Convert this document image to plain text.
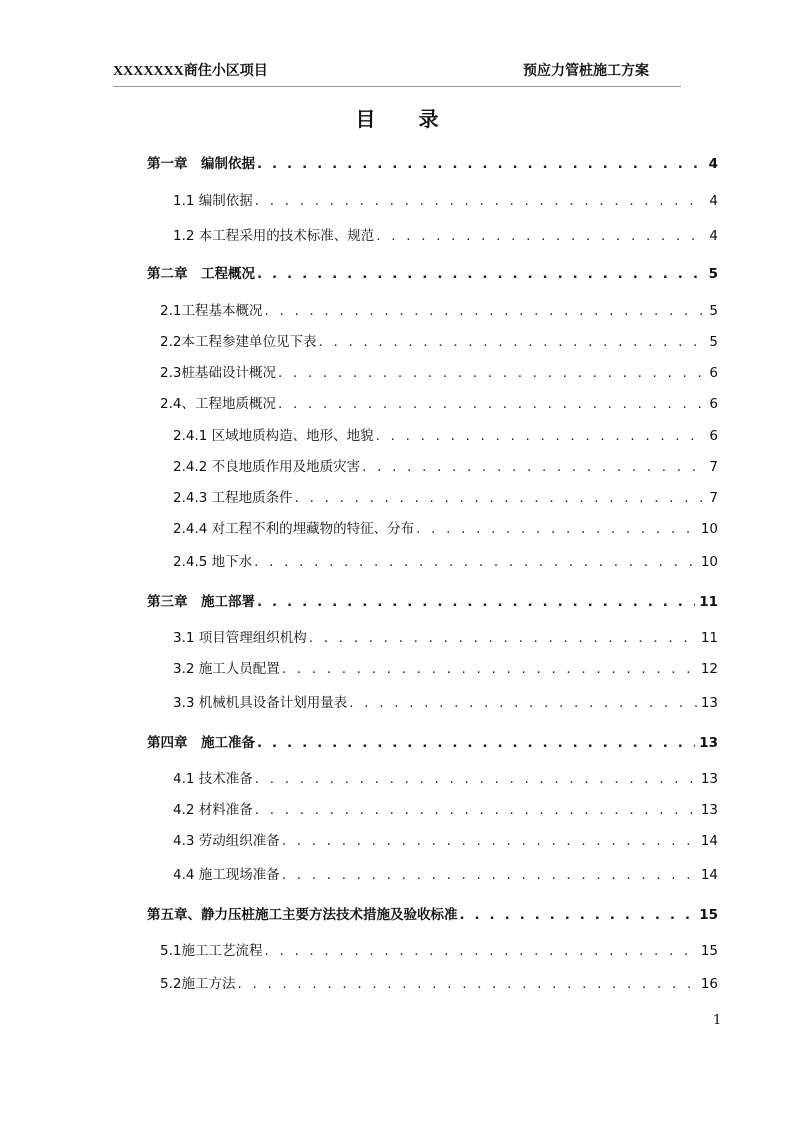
XXXXXXX商住小区项目	预应力管桩施工方案
目 录
第一章　编制依据 . . .	4
1.1 编制依据 . . .	4
1.2 本工程采用的技术标准、规范 . . .	4
第二章　工程概况 . . .	5
2.1工程基本概况 . . .	5
2.2本工程参建单位见下表 . . .	5
2.3桩基础设计概况 . . .	6
2.4、工程地质概况 . . .	6
2.4.1 区域地质构造、地形、地貌 . . .	6
2.4.2 不良地质作用及地质灾害 . . .	7
2.4.3 工程地质条件 . . .	7
2.4.4 对工程不利的埋藏物的特征、分布 . . .	10
2.4.5 地下水 . . .	10
第三章　施工部署 . . .	11
3.1 项目管理组织机构 . . .	11
3.2 施工人员配置 . . .	12
3.3 机械机具设备计划用量表 . . .	13
第四章　施工准备 . . .	13
4.1 技术准备 . . .	13
4.2 材料准备 . . .	13
4.3 劳动组织准备 . . .	14
4.4 施工现场准备 . . .	14
第五章、静力压桩施工主要方法技术措施及验收标准 . . .	15
5.1施工工艺流程 . . .	15
5.2施工方法 . . .	16
1
